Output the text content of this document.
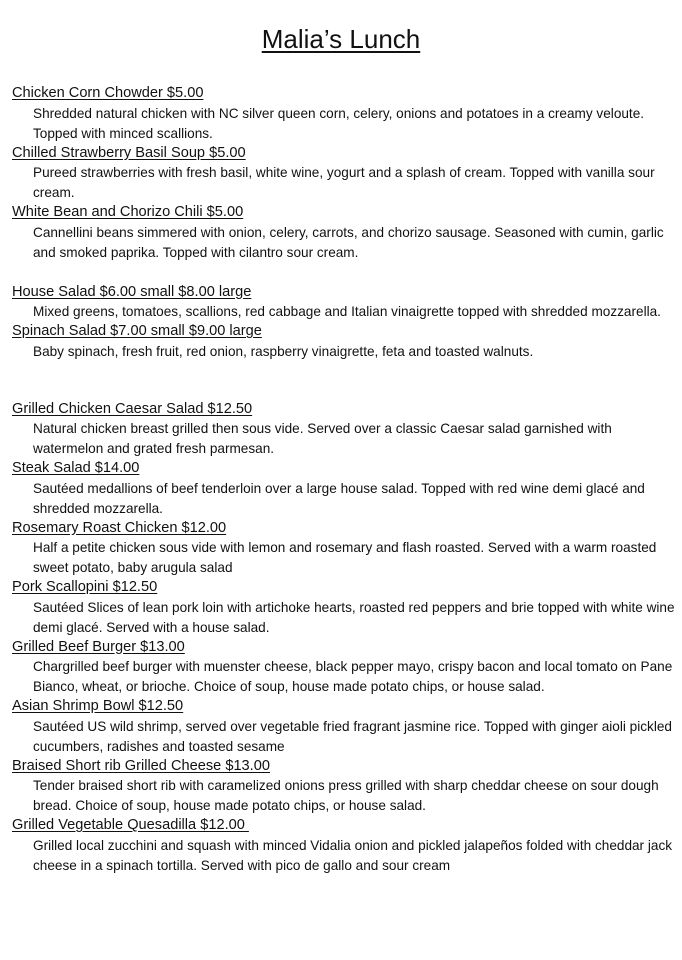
Malia’s Lunch
Chicken Corn Chowder $5.00
Shredded natural chicken with NC silver queen corn, celery, onions and potatoes in a creamy veloute. Topped with minced scallions.
Chilled Strawberry Basil Soup $5.00
Pureed strawberries with fresh basil, white wine, yogurt and a splash of cream. Topped with vanilla sour cream.
White Bean and Chorizo Chili $5.00
Cannellini beans simmered with onion, celery, carrots, and chorizo sausage. Seasoned with cumin, garlic and smoked paprika. Topped with cilantro sour cream.
House Salad $6.00 small $8.00 large
Mixed greens, tomatoes, scallions, red cabbage and Italian vinaigrette topped with shredded mozzarella.
Spinach Salad $7.00 small $9.00 large
Baby spinach, fresh fruit, red onion, raspberry vinaigrette, feta and toasted walnuts.
Grilled Chicken Caesar Salad $12.50
Natural chicken breast grilled then sous vide. Served over a classic Caesar salad garnished with watermelon and grated fresh parmesan.
Steak Salad $14.00
Sautéed medallions of beef tenderloin over a large house salad. Topped with red wine demi glacé and shredded mozzarella.
Rosemary Roast Chicken $12.00
Half a petite chicken sous vide with lemon and rosemary and flash roasted. Served with a warm roasted sweet potato, baby arugula salad
Pork Scallopini $12.50
Sautéed Slices of lean pork loin with artichoke hearts, roasted red peppers and brie topped with white wine demi glacé. Served with a house salad.
Grilled Beef Burger $13.00
Chargrilled beef burger with muenster cheese, black pepper mayo, crispy bacon and local tomato on Pane Bianco, wheat, or brioche. Choice of soup, house made potato chips, or house salad.
Asian Shrimp Bowl $12.50
Sautéed US wild shrimp, served over vegetable fried fragrant jasmine rice. Topped with ginger aioli pickled cucumbers, radishes and toasted sesame
Braised Short rib Grilled Cheese $13.00
Tender braised short rib with caramelized onions press grilled with sharp cheddar cheese on sour dough bread. Choice of soup, house made potato chips, or house salad.
Grilled Vegetable Quesadilla $12.00
Grilled local zucchini and squash with minced Vidalia onion and pickled jalapeños folded with cheddar jack cheese in a spinach tortilla. Served with pico de gallo and sour cream
